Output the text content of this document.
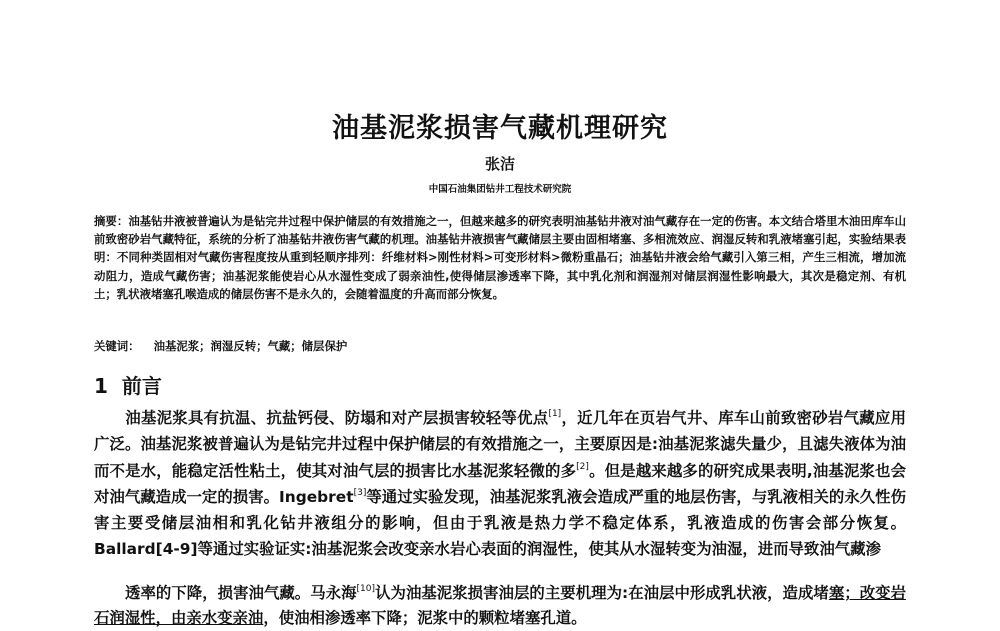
油基泥浆损害气藏机理研究
张洁
中国石油集团钻井工程技术研究院
摘要：油基钻井液被普遍认为是钻完井过程中保护储层的有效措施之一，但越来越多的研究表明油基钻井液对油气藏存在一定的伤害。本文结合塔里木油田库车山前致密砂岩气藏特征，系统的分析了油基钻井液伤害气藏的机理。油基钻井液损害气藏储层主要由固相堵塞、多相流效应、润湿反转和乳液堵塞引起，实验结果表明：不同种类固相对气藏伤害程度按从重到轻顺序排列：纤维材料>刚性材料>可变形材料>微粉重晶石；油基钻井液会给气藏引入第三相，产生三相流，增加流动阻力，造成气藏伤害；油基泥浆能使岩心从水湿性变成了弱亲油性,使得储层渗透率下降，其中乳化剂和润湿剂对储层润湿性影响最大，其次是稳定剂、有机土；乳状液堵塞孔喉造成的储层伤害不是永久的，会随着温度的升高而部分恢复。
关键词： 油基泥浆；润湿反转；气藏；储层保护
1 前言
油基泥浆具有抗温、抗盐钙侵、防塌和对产层损害较轻等优点[1]，近几年在页岩气井、库车山前致密砂岩气藏应用广泛。油基泥浆被普遍认为是钻完井过程中保护储层的有效措施之一，主要原因是:油基泥浆滤失量少，且滤失液体为油而不是水，能稳定活性粘土，使其对油气层的损害比水基泥浆轻微的多[2]。但是越来越多的研究成果表明,油基泥浆也会对油气藏造成一定的损害。Ingebret[3]等通过实验发现，油基泥浆乳液会造成严重的地层伤害，与乳液相关的永久性伤害主要受储层油相和乳化钻井液组分的影响，但由于乳液是热力学不稳定体系，乳液造成的伤害会部分恢复。Ballard[4-9]等通过实验证实:油基泥浆会改变亲水岩心表面的润湿性，使其从水湿转变为油湿，进而导致油气藏渗
透率的下降，损害油气藏。马永海[10]认为油基泥浆损害油层的主要机理为:在油层中形成乳状液，造成堵塞；改变岩石润湿性，由亲水变亲油，使油相渗透率下降；泥浆中的颗粒堵塞孔道。
